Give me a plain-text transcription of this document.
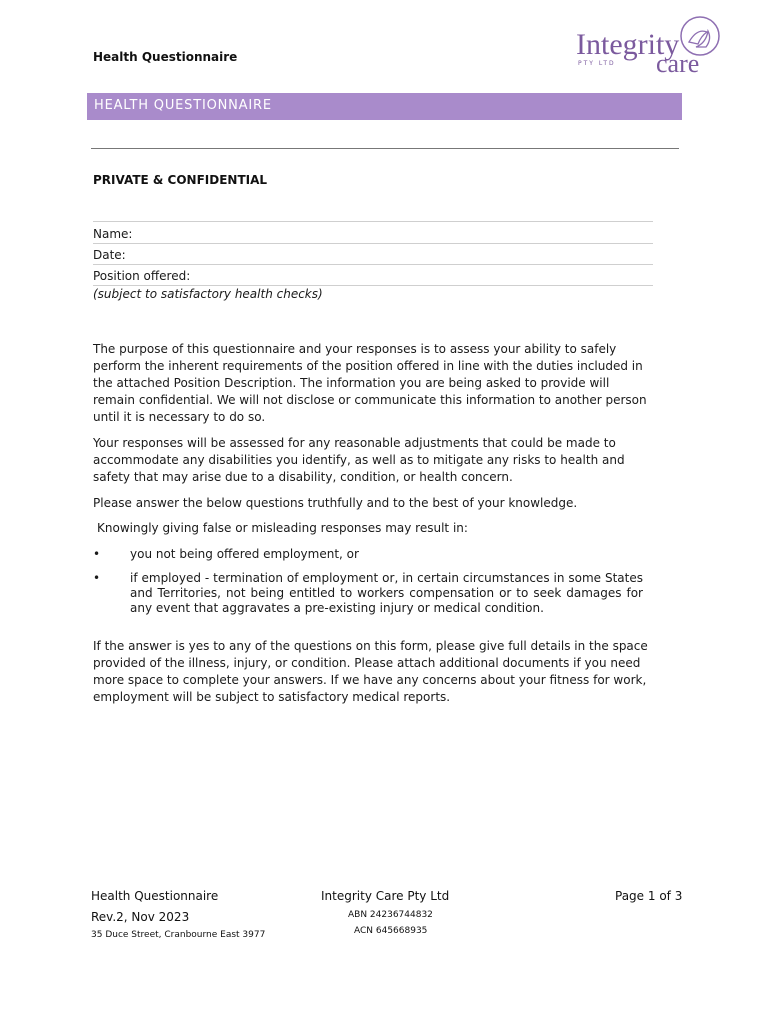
Health Questionnaire	Integrity
PTY LTD care
HEALTH QUESTIONNAIRE
PRIVATE & CONFIDENTIAL
Name:
Date:
Position offered:
(subject to satisfactory health checks)

The purpose of this questionnaire and your responses is to assess your ability to safely perform the inherent requirements of the position offered in line with the duties included in the attached Position Description. The information you are being asked to provide will remain confidential. We will not disclose or communicate this information to another person until it is necessary to do so.

Your responses will be assessed for any reasonable adjustments that could be made to accommodate any disabilities you identify, as well as to mitigate any risks to health and safety that may arise due to a disability, condition, or health concern.

Please answer the below questions truthfully and to the best of your knowledge.

Knowingly giving false or misleading responses may result in:

• you not being offered employment, or
• if employed - termination of employment or, in certain circumstances in some States and Territories, not being entitled to workers compensation or to seek damages for any event that aggravates a pre-existing injury or medical condition.

If the answer is yes to any of the questions on this form, please give full details in the space provided of the illness, injury, or condition. Please attach additional documents if you need more space to complete your answers. If we have any concerns about your fitness for work, employment will be subject to satisfactory medical reports.

Health Questionnaire
Rev.2, Nov 2023
35 Duce Street, Cranbourne East 3977
Integrity Care Pty Ltd
ABN 24236744832
ACN 645668935
Page 1 of 3
